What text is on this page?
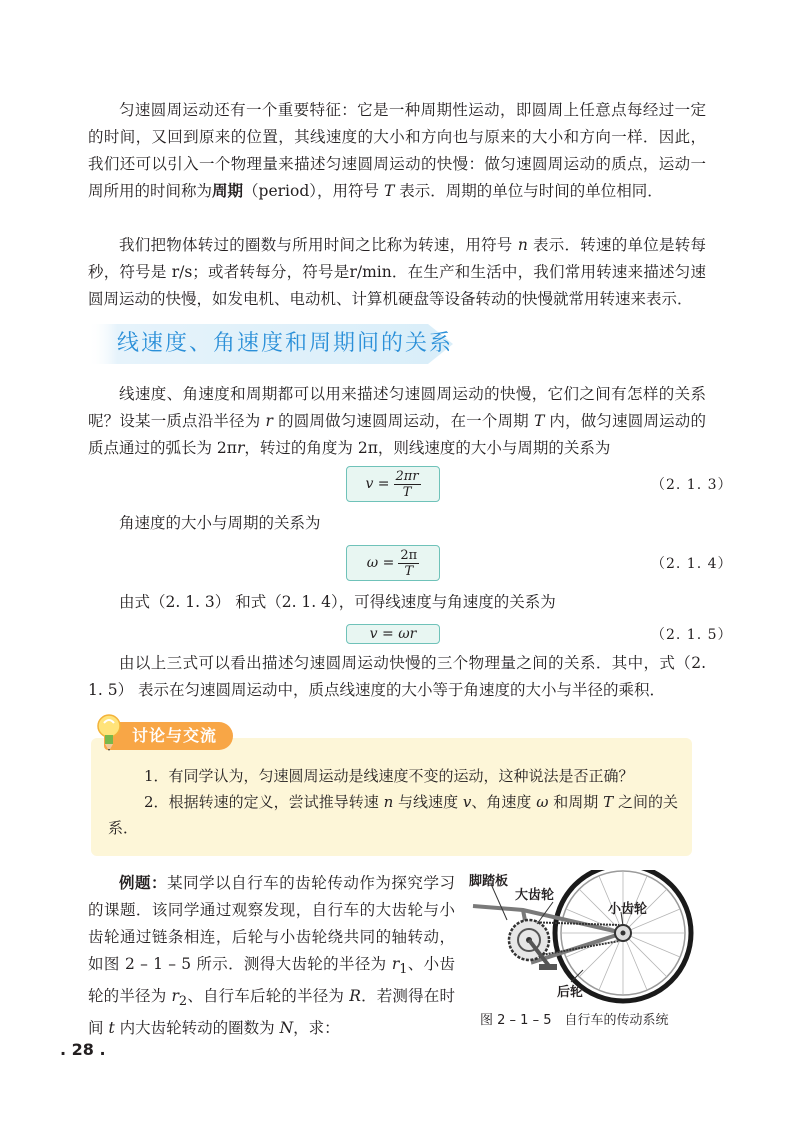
匀速圆周运动还有一个重要特征：它是一种周期性运动，即圆周上任意点每经过一定的时间，又回到原来的位置，其线速度的大小和方向也与原来的大小和方向一样．因此，我们还可以引入一个物理量来描述匀速圆周运动的快慢：做匀速圆周运动的质点，运动一周所用的时间称为周期（period），用符号 T 表示．周期的单位与时间的单位相同．

我们把物体转过的圈数与所用时间之比称为转速，用符号 n 表示．转速的单位是转每秒，符号是 r/s；或者转每分，符号是r/min．在生产和生活中，我们常用转速来描述匀速圆周运动的快慢，如发电机、电动机、计算机硬盘等设备转动的快慢就常用转速来表示．

线速度、角速度和周期间的关系

线速度、角速度和周期都可以用来描述匀速圆周运动的快慢，它们之间有怎样的关系呢？设某一质点沿半径为 r 的圆周做匀速圆周运动，在一个周期 T 内，做匀速圆周运动的质点通过的弧长为 2πr，转过的角度为 2π，则线速度的大小与周期的关系为

$v = \frac{2\pi r}{T}$	（2. 1. 3）
角速度的大小与周期的关系为
$\omega = \frac{2\pi}{T}$	（2. 1. 4）
由式（2. 1. 3） 和式（2. 1. 4），可得线速度与角速度的关系为
v = ωr	（2. 1. 5）

由以上三式可以看出描述匀速圆周运动快慢的三个物理量之间的关系．其中，式（2. 1. 5） 表示在匀速圆周运动中，质点线速度的大小等于角速度的大小与半径的乘积．

讨论与交流

1．有同学认为，匀速圆周运动是线速度不变的运动，这种说法是否正确？

2．根据转速的定义，尝试推导转速 n 与线速度 v、角速度 ω 和周期 T 之间的关系．

例题：某同学以自行车的齿轮传动作为探究学习的课题．该同学通过观察发现，自行车的大齿轮与小齿轮通过链条相连，后轮与小齿轮绕共同的轴转动，如图 2 – 1 – 5 所示．测得大齿轮的半径为 $r_1$、小齿轮的半径为 $r_2$、自行车后轮的半径为 R．若测得在时间 t 内大齿轮转动的圈数为 N，求：

脚踏板
大齿轮
小齿轮
后轮
图 2 – 1 – 5　自行车的传动系统
. 28 .
